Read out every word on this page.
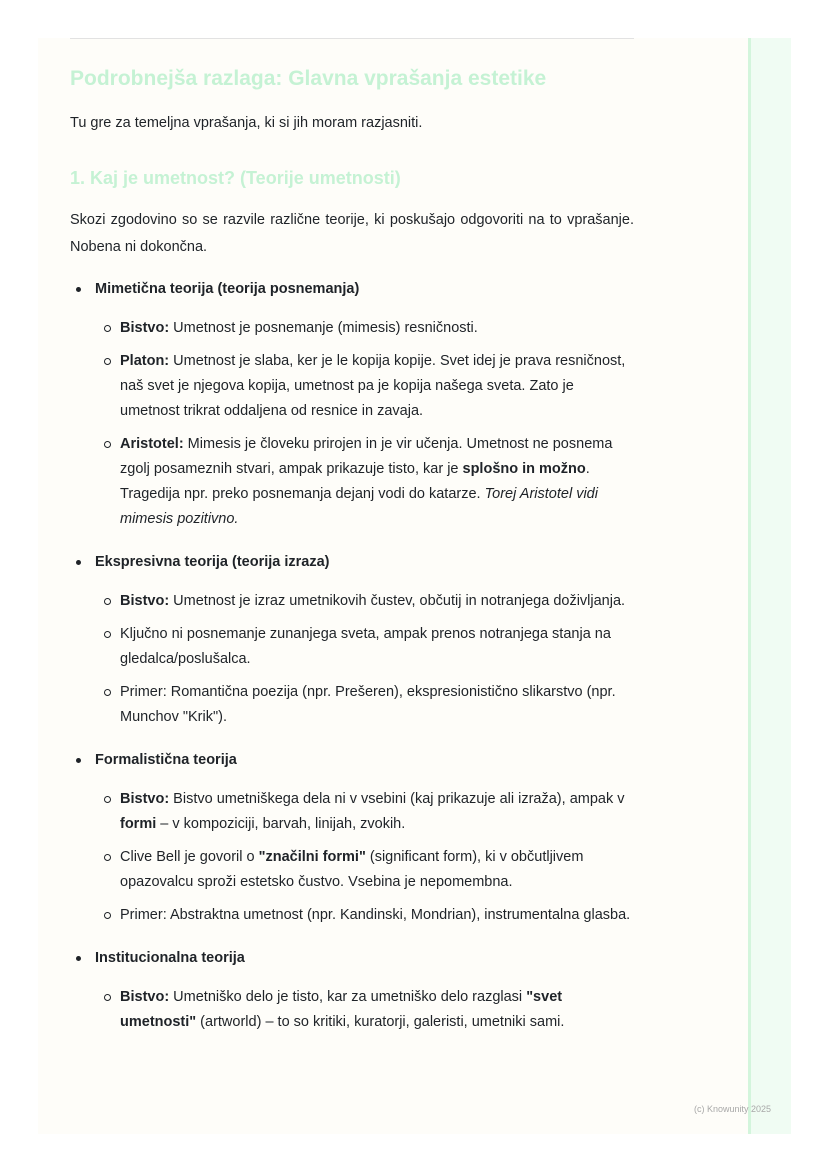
Podrobnejša razlaga: Glavna vprašanja estetike

Tu gre za temeljna vprašanja, ki si jih moram razjasniti.

1. Kaj je umetnost? (Teorije umetnosti)

Skozi zgodovino so se razvile različne teorije, ki poskušajo odgovoriti na to vprašanje. Nobena ni dokončna.

Mimetična teorija (teorija posnemanja)
Bistvo: Umetnost je posnemanje (mimesis) resničnosti.
Platon: Umetnost je slaba, ker je le kopija kopije. Svet idej je prava resničnost, naš svet je njegova kopija, umetnost pa je kopija našega sveta. Zato je umetnost trikrat oddaljena od resnice in zavaja.
Aristotel: Mimesis je človeku prirojen in je vir učenja. Umetnost ne posnema zgolj posameznih stvari, ampak prikazuje tisto, kar je splošno in možno. Tragedija npr. preko posnemanja dejanj vodi do katarze. Torej Aristotel vidi mimesis pozitivno.
Ekspresivna teorija (teorija izraza)
Bistvo: Umetnost je izraz umetnikovih čustev, občutij in notranjega doživljanja.
Ključno ni posnemanje zunanjega sveta, ampak prenos notranjega stanja na gledalca/poslušalca.
Primer: Romantična poezija (npr. Prešeren), ekspresionistično slikarstvo (npr. Munchov "Krik").
Formalistična teorija
Bistvo: Bistvo umetniškega dela ni v vsebini (kaj prikazuje ali izraža), ampak v formi – v kompoziciji, barvah, linijah, zvokih.
Clive Bell je govoril o "značilni formi" (significant form), ki v občutljivem opazovalcu sproži estetsko čustvo. Vsebina je nepomembna.
Primer: Abstraktna umetnost (npr. Kandinski, Mondrian), instrumentalna glasba.
Institucionalna teorija
Bistvo: Umetniško delo je tisto, kar za umetniško delo razglasi "svet umetnosti" (artworld) – to so kritiki, kuratorji, galeristi, umetniki sami.
(c) Knowunity 2025
